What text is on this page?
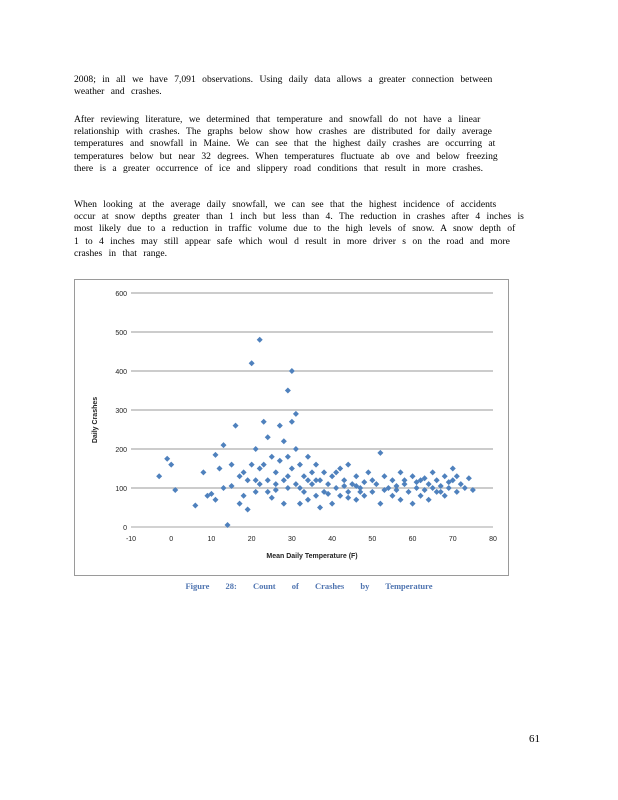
2008; in all we have 7,091 observations. Using daily data allows a greater connection between
weather and crashes.
After reviewing literature, we determined that temperature and snowfall do not have a linear
relationship with crashes. The graphs below show how crashes are distributed for daily average
temperatures and snowfall in Maine. We can see that the highest daily crashes are occurring at
temperatures below but near 32 degrees. When temperatures fluctuate ab ove and below freezing
there is a greater occurrence of ice and slippery road conditions that result in more crashes.
When looking at the average daily snowfall, we can see that the highest incidence of accidents
occur at snow depths greater than 1 inch but less than 4. The reduction in crashes after 4 inches is
most likely due to a reduction in traffic volume due to the high levels of snow. A snow depth of
1 to 4 inches may still appear safe which woul d result in more driver s on the road and more
crashes in that range.
0
100
200
300
400
500
600
-10	0	10	20	30	40	50	60	70	80
Mean Daily Temperature (F)
Daily Crashes
Figure 28: Count of Crashes by Temperature
61
